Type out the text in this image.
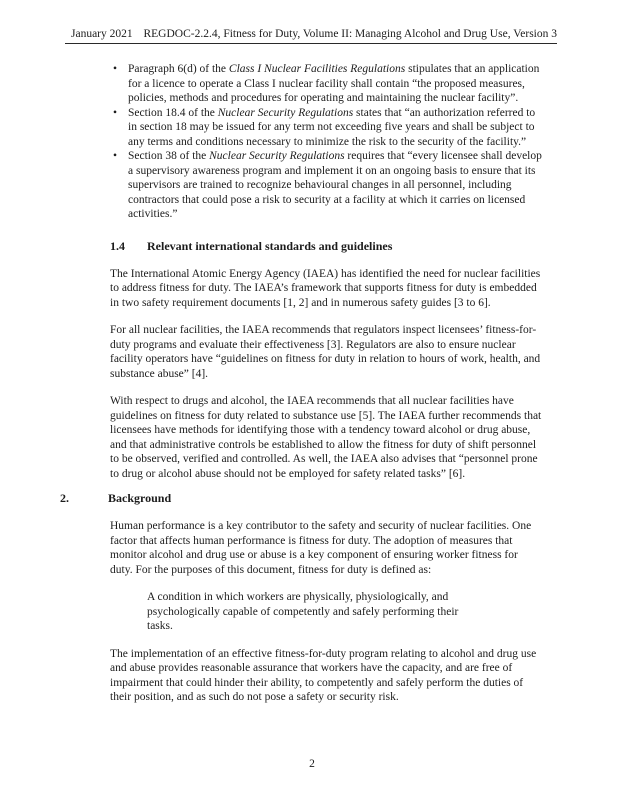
January 2021 REGDOC-2.2.4, Fitness for Duty, Volume II: Managing Alcohol and Drug Use, Version 3
• Paragraph 6(d) of the Class I Nuclear Facilities Regulations stipulates that an application for a licence to operate a Class I nuclear facility shall contain “the proposed measures, policies, methods and procedures for operating and maintaining the nuclear facility”.
• Section 18.4 of the Nuclear Security Regulations states that “an authorization referred to in section 18 may be issued for any term not exceeding five years and shall be subject to any terms and conditions necessary to minimize the risk to the security of the facility.”
• Section 38 of the Nuclear Security Regulations requires that “every licensee shall develop a supervisory awareness program and implement it on an ongoing basis to ensure that its supervisors are trained to recognize behavioural changes in all personnel, including contractors that could pose a risk to security at a facility at which it carries on licensed activities.”
1.4 Relevant international standards and guidelines

The International Atomic Energy Agency (IAEA) has identified the need for nuclear facilities to address fitness for duty. The IAEA’s framework that supports fitness for duty is embedded in two safety requirement documents [1, 2] and in numerous safety guides [3 to 6].

For all nuclear facilities, the IAEA recommends that regulators inspect licensees’ fitness-for-duty programs and evaluate their effectiveness [3]. Regulators are also to ensure nuclear facility operators have “guidelines on fitness for duty in relation to hours of work, health, and substance abuse” [4].

With respect to drugs and alcohol, the IAEA recommends that all nuclear facilities have guidelines on fitness for duty related to substance use [5]. The IAEA further recommends that licensees have methods for identifying those with a tendency toward alcohol or drug abuse, and that administrative controls be established to allow the fitness for duty of shift personnel to be observed, verified and controlled. As well, the IAEA also advises that “personnel prone to drug or alcohol abuse should not be employed for safety related tasks” [6].

2.	Background

Human performance is a key contributor to the safety and security of nuclear facilities. One factor that affects human performance is fitness for duty. The adoption of measures that monitor alcohol and drug use or abuse is a key component of ensuring worker fitness for duty. For the purposes of this document, fitness for duty is defined as:

A condition in which workers are physically, physiologically, and psychologically capable of competently and safely performing their tasks.

The implementation of an effective fitness-for-duty program relating to alcohol and drug use and abuse provides reasonable assurance that workers have the capacity, and are free of impairment that could hinder their ability, to competently and safely perform the duties of their position, and as such do not pose a safety or security risk.

2
